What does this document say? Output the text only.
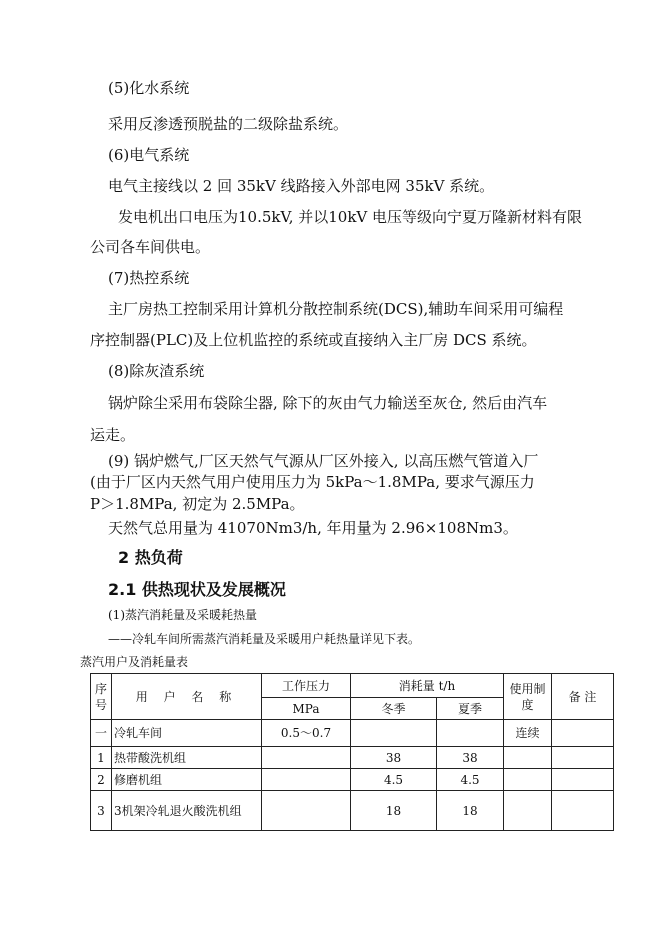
(5)化水系统
采用反渗透预脱盐的二级除盐系统。
(6)电气系统
电气主接线以 2 回 35kV 线路接入外部电网 35kV 系统。
发电机出口电压为10.5kV, 并以10kV 电压等级向宁夏万隆新材料有限
公司各车间供电。
(7)热控系统
主厂房热工控制采用计算机分散控制系统(DCS),辅助车间采用可编程
序控制器(PLC)及上位机监控的系统或直接纳入主厂房 DCS 系统。
(8)除灰渣系统
锅炉除尘采用布袋除尘器, 除下的灰由气力输送至灰仓, 然后由汽车
运走。
(9) 锅炉燃气,厂区天然气气源从厂区外接入, 以高压燃气管道入厂
(由于厂区内天然气用户使用压力为 5kPa～1.8MPa, 要求气源压力
P＞1.8MPa, 初定为 2.5MPa。
天然气总用量为 41070Nm3/h, 年用量为 2.96×108Nm3。
2 热负荷
2.1 供热现状及发展概况
(1)蒸汽消耗量及采暖耗热量
——冷轧车间所需蒸汽消耗量及采暖用户耗热量详见下表。
蒸汽用户及消耗量表
序号	用 户 名 称	工作压力	消耗量 t/h		使用制度	备 注
		MPa	冬季	夏季		
一	冷轧车间	0.5～0.7			连续	
1	热带酸洗机组		38	38		
2	修磨机组		4.5	4.5		
3	3机架冷轧退火酸洗机组		18	18		
